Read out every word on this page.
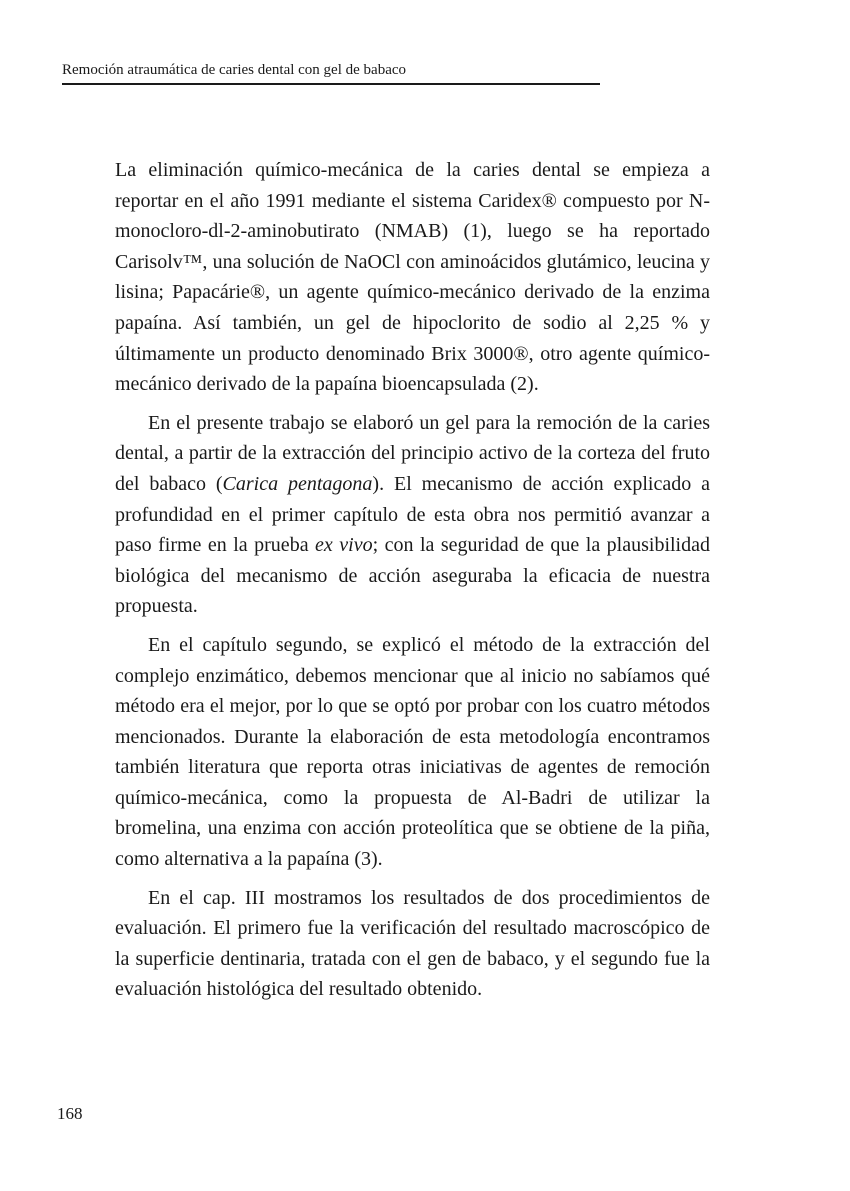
Remoción atraumática de caries dental con gel de babaco

La eliminación químico-mecánica de la caries dental se empieza a reportar en el año 1991 mediante el sistema Caridex® compuesto por N-monocloro-dl-2-aminobutirato (NMAB) (1), luego se ha reportado Carisolv™, una solución de NaOCl con aminoácidos glutámico, leucina y lisina; Papacárie®, un agente químico-mecánico derivado de la enzima papaína. Así también, un gel de hipoclorito de sodio al 2,25 % y últimamente un producto denominado Brix 3000®, otro agente químico-mecánico derivado de la papaína bioencapsulada (2).

En el presente trabajo se elaboró un gel para la remoción de la caries dental, a partir de la extracción del principio activo de la corteza del fruto del babaco (Carica pentagona). El mecanismo de acción explicado a profundidad en el primer capítulo de esta obra nos permitió avanzar a paso firme en la prueba ex vivo; con la seguridad de que la plausibilidad biológica del mecanismo de acción aseguraba la eficacia de nuestra propuesta.

En el capítulo segundo, se explicó el método de la extracción del complejo enzimático, debemos mencionar que al inicio no sabíamos qué método era el mejor, por lo que se optó por probar con los cuatro métodos mencionados. Durante la elaboración de esta metodología encontramos también literatura que reporta otras iniciativas de agentes de remoción químico-mecánica, como la propuesta de Al-Badri de utilizar la bromelina, una enzima con acción proteolítica que se obtiene de la piña, como alternativa a la papaína (3).

En el cap. III mostramos los resultados de dos procedimientos de evaluación. El primero fue la verificación del resultado macroscópico de la superficie dentinaria, tratada con el gen de babaco, y el segundo fue la evaluación histológica del resultado obtenido.

168
